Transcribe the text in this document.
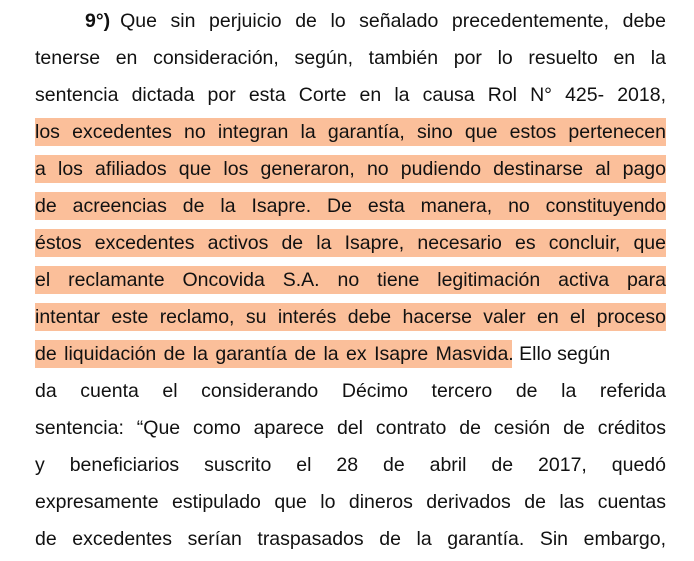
9°) Que sin perjuicio de lo señalado precedentemente, debe
tenerse en consideración, según, también por lo resuelto en la
sentencia dictada por esta Corte en la causa Rol N° 425- 2018,
los excedentes no integran la garantía, sino que estos pertenecen
a los afiliados que los generaron, no pudiendo destinarse al pago
de acreencias de la Isapre. De esta manera, no constituyendo
éstos excedentes activos de la Isapre, necesario es concluir, que
el reclamante Oncovida S.A. no tiene legitimación activa para
intentar este reclamo, su interés debe hacerse valer en el proceso
de liquidación de la garantía de la ex Isapre Masvida . Ello según
da cuenta el considerando Décimo tercero de la referida
sentencia: “Que como aparece del contrato de cesión de créditos
y beneficiarios suscrito el 28 de abril de 2017, quedó
expresamente estipulado que lo dineros derivados de las cuentas
de excedentes serían traspasados de la garantía. Sin embargo,
